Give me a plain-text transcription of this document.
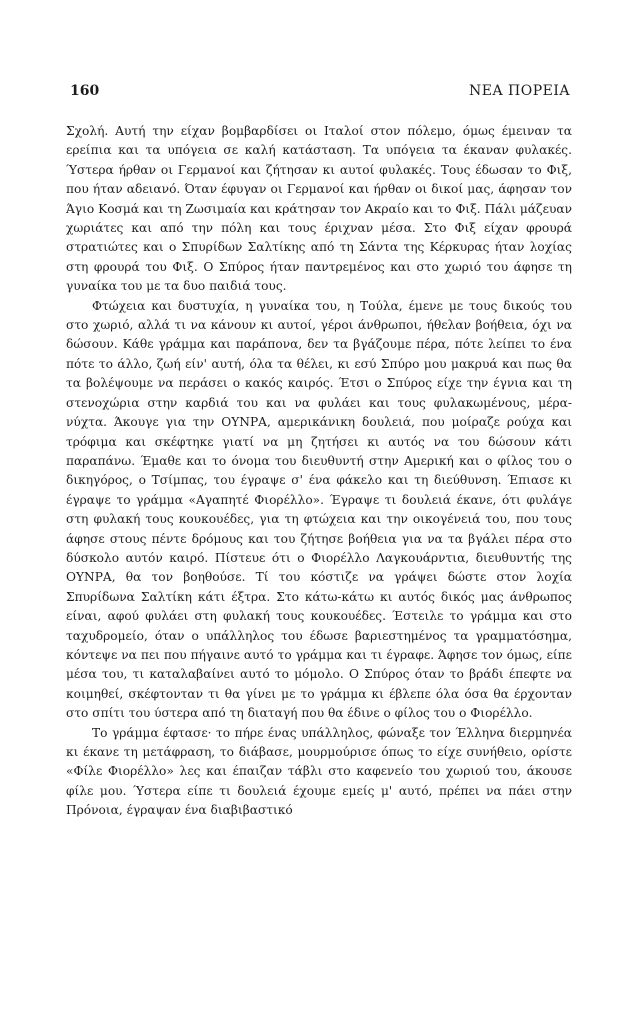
160	ΝΕΑ ΠΟΡΕΙΑ

Σχολή. Αυτή την είχαν βομβαρδίσει οι Ιταλοί στον πόλεμο, όμως έμειναν τα ερείπια και τα υπόγεια σε καλή κατάσταση. Τα υπόγεια τα έκαναν φυλακές. Ύστερα ήρθαν οι Γερμανοί και ζήτησαν κι αυτοί φυλακές. Τους έδωσαν το Φιξ, που ήταν αδειανό. Όταν έφυγαν οι Γερμανοί και ήρθαν οι δικοί μας, άφησαν τον Άγιο Κοσμά και τη Ζωσιμαία και κράτησαν τον Ακραίο και το Φιξ. Πάλι μάζευαν χωριάτες και από την πόλη και τους έριχναν μέσα. Στο Φιξ είχαν φρουρά στρατιώτες και ο Σπυρίδων Σαλτίκης από τη Σάντα της Κέρκυρας ήταν λοχίας στη φρουρά του Φιξ. Ο Σπύρος ήταν παντρεμένος και στο χωριό του άφησε τη γυναίκα του με τα δυο παιδιά τους.

Φτώχεια και δυστυχία, η γυναίκα του, η Τούλα, έμενε με τους δικούς του στο χωριό, αλλά τι να κάνουν κι αυτοί, γέροι άνθρωποι, ήθελαν βοήθεια, όχι να δώσουν. Κάθε γράμμα και παράπονα, δεν τα βγάζουμε πέρα, πότε λείπει το ένα πότε το άλλο, ζωή είν' αυτή, όλα τα θέλει, κι εσύ Σπύρο μου μακρυά και πως θα τα βολέψουμε να περάσει ο κακός καιρός. Έτσι ο Σπύρος είχε την έγνια και τη στενοχώρια στην καρδιά του και να φυλάει και τους φυλακωμένους, μέρα-νύχτα. Άκουγε για την ΟΥΝΡΑ, αμερικάνικη δουλειά, που μοίραζε ρούχα και τρόφιμα και σκέφτηκε γιατί να μη ζητήσει κι αυτός να του δώσουν κάτι παραπάνω. Έμαθε και το όνομα του διευθυντή στην Αμερική και ο φίλος του ο δικηγόρος, ο Τσίμπας, του έγραψε σ' ένα φάκελο και τη διεύθυνση. Έπιασε κι έγραψε το γράμμα «Αγαπητέ Φιορέλλο». Έγραψε τι δουλειά έκανε, ότι φυλάγε στη φυλακή τους κουκουέδες, για τη φτώχεια και την οικογένειά του, που τους άφησε στους πέντε δρόμους και του ζήτησε βοήθεια για να τα βγάλει πέρα στο δύσκολο αυτόν καιρό. Πίστευε ότι ο Φιορέλλο Λαγκουάρντια, διευθυντής της ΟΥΝΡΑ, θα τον βοηθούσε. Τί του κόστιζε να γράψει δώστε στον λοχία Σπυρίδωνα Σαλτίκη κάτι έξτρα. Στο κάτω-κάτω κι αυτός δικός μας άνθρωπος είναι, αφού φυλάει στη φυλακή τους κουκουέδες. Έστειλε το γράμμα και στο ταχυδρομείο, όταν ο υπάλληλος του έδωσε βαριεστημένος τα γραμματόσημα, κόντεψε να πει που πήγαινε αυτό το γράμμα και τι έγραφε. Άφησε τον όμως, είπε μέσα του, τι καταλαβαίνει αυτό το μόμολο. Ο Σπύρος όταν το βράδι έπεφτε να κοιμηθεί, σκέφτονταν τι θα γίνει με το γράμμα κι έβλεπε όλα όσα θα έρχονταν στο σπίτι του ύστερα από τη διαταγή που θα έδινε ο φίλος του ο Φιορέλλο.

Το γράμμα έφτασε· το πήρε ένας υπάλληλος, φώναξε τον Έλληνα διερμηνέα κι έκανε τη μετάφραση, το διάβασε, μουρμούρισε όπως το είχε συνήθειο, ορίστε «Φίλε Φιορέλλο» λες και έπαιζαν τάβλι στο καφενείο του χωριού του, άκουσε φίλε μου. Ύστερα είπε τι δουλειά έχουμε εμείς μ' αυτό, πρέπει να πάει στην Πρόνοια, έγραψαν ένα διαβιβαστικό
